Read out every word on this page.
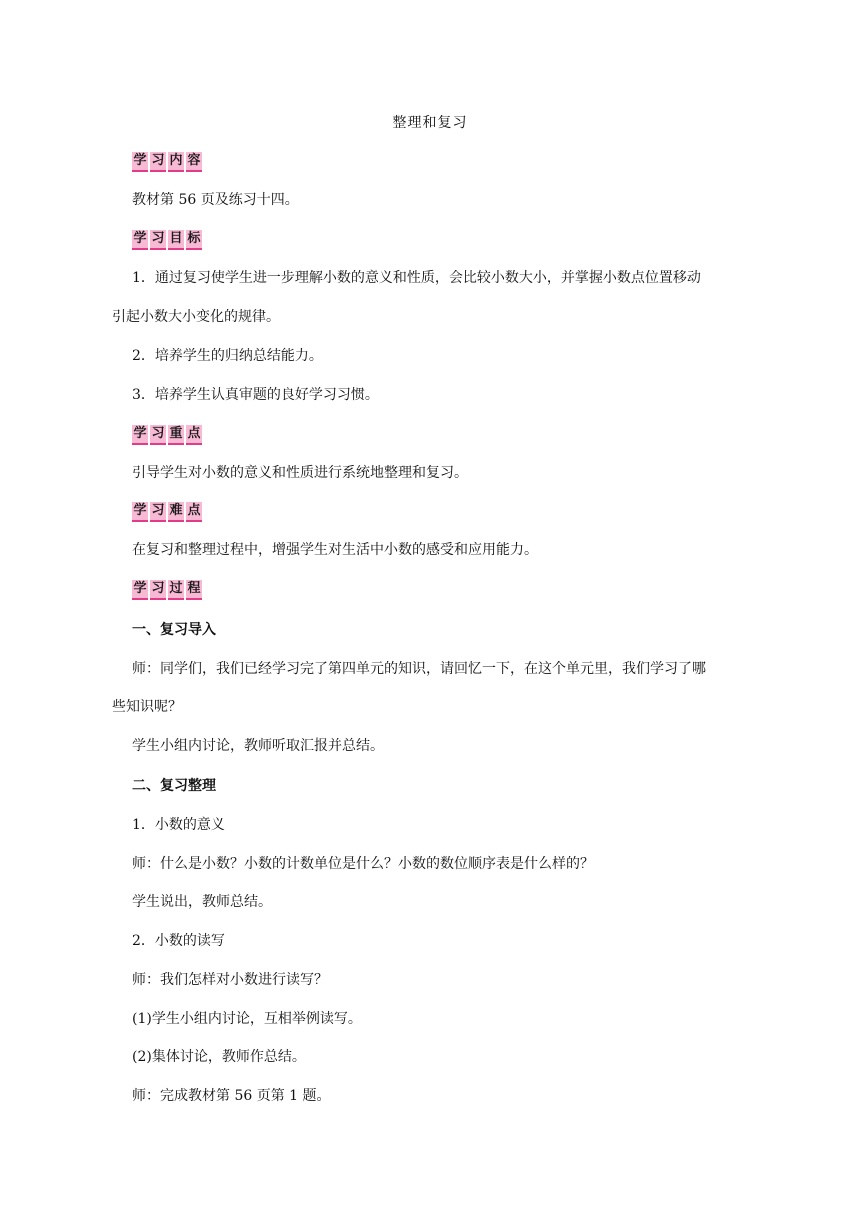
整理和复习
学 习 内 容
教材第 56 页及练习十四。
学 习 目 标
1．通过复习使学生进一步理解小数的意义和性质，会比较小数大小，并掌握小数点位置移动
引起小数大小变化的规律。
2．培养学生的归纳总结能力。
3．培养学生认真审题的良好学习习惯。
学 习 重 点
引导学生对小数的意义和性质进行系统地整理和复习。
学 习 难 点
在复习和整理过程中，增强学生对生活中小数的感受和应用能力。
学 习 过 程
一、复习导入
师：同学们，我们已经学习完了第四单元的知识，请回忆一下，在这个单元里，我们学习了哪
些知识呢？
学生小组内讨论，教师听取汇报并总结。
二、复习整理
1．小数的意义
师：什么是小数？小数的计数单位是什么？小数的数位顺序表是什么样的？
学生说出，教师总结。
2．小数的读写
师：我们怎样对小数进行读写？
(1)学生小组内讨论，互相举例读写。
(2)集体讨论，教师作总结。
师：完成教材第 56 页第 1 题。
